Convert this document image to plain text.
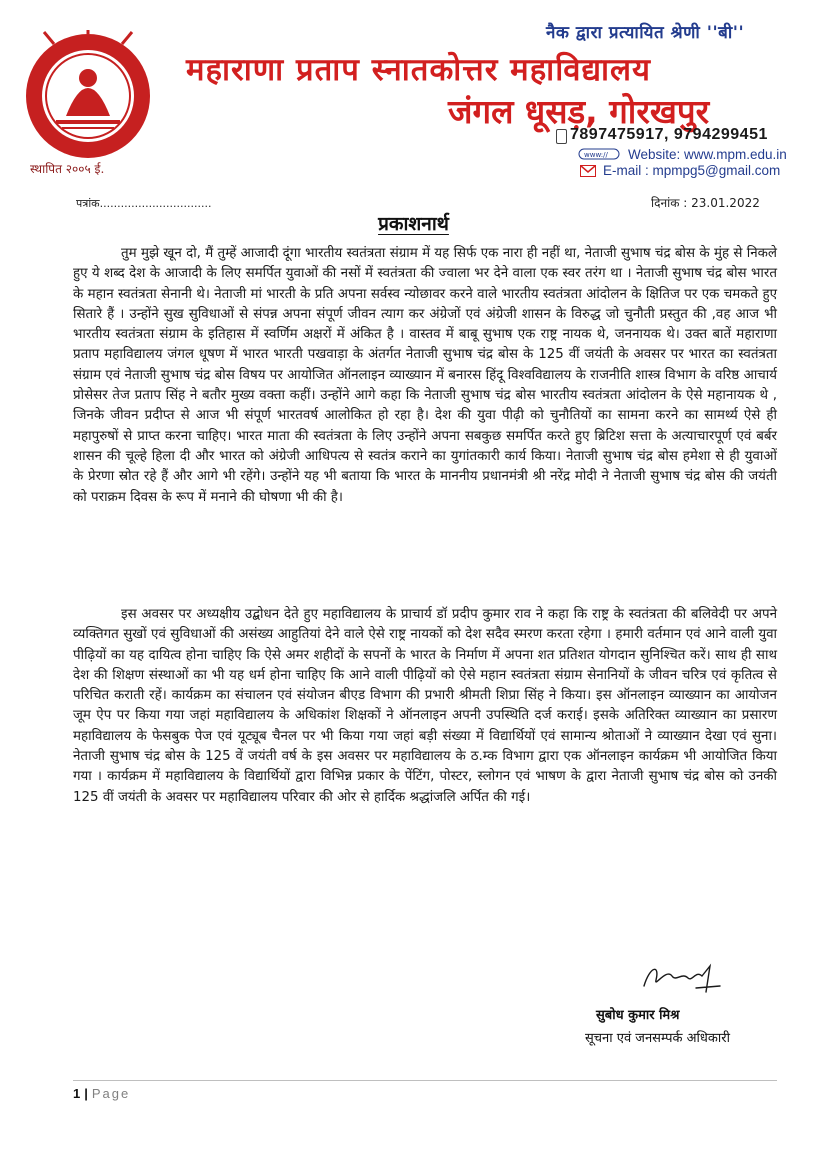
स्थापित २००५ ई.
नैक द्वारा प्रत्यायित श्रेणी ''बी''
महाराणा प्रताप स्नातकोत्तर महाविद्यालय
जंगल धूसड़, गोरखपुर
7897475917, 9794299451
www:// Website: www.mpm.edu.in
E-mail : mpmpg5@gmail.com
पत्रांक................................	दिनांक : 23.01.2022
प्रकाशनार्थ
तुम मुझे खून दो, मैं तुम्हें आजादी दूंगा भारतीय स्वतंत्रता संग्राम में यह सिर्फ एक नारा ही नहीं था, नेताजी सुभाष चंद्र बोस के मुंह से निकले हुए ये शब्द देश के आजादी के लिए समर्पित युवाओं की नसों में स्वतंत्रता की ज्वाला भर देने वाला एक स्वर तरंग था । नेताजी सुभाष चंद्र बोस भारत के महान स्वतंत्रता सेनानी थे। नेताजी मां भारती के प्रति अपना सर्वस्व न्योछावर करने वाले भारतीय स्वतंत्रता आंदोलन के क्षितिज पर एक चमकते हुए सितारे हैं । उन्होंने सुख सुविधाओं से संपन्न अपना संपूर्ण जीवन त्याग कर अंग्रेजों एवं अंग्रेजी शासन के विरुद्ध जो चुनौती प्रस्तुत की ,वह आज भी भारतीय स्वतंत्रता संग्राम के इतिहास में स्वर्णिम अक्षरों में अंकित है । वास्तव में बाबू सुभाष एक राष्ट्र नायक थे, जननायक थे। उक्त बातें महाराणा प्रताप महाविद्यालय जंगल धूषण में भारत भारती पखवाड़ा के अंतर्गत नेताजी सुभाष चंद्र बोस के 125 वीं जयंती के अवसर पर भारत का स्वतंत्रता संग्राम एवं नेताजी सुभाष चंद्र बोस विषय पर आयोजित ऑनलाइन व्याख्यान में बनारस हिंदू विश्वविद्यालय के राजनीति शास्त्र विभाग के वरिष्ठ आचार्य प्रोसेसर तेज प्रताप सिंह ने बतौर मुख्य वक्ता कहीं। उन्होंने आगे कहा कि नेताजी सुभाष चंद्र बोस भारतीय स्वतंत्रता आंदोलन के ऐसे महानायक थे , जिनके जीवन प्रदीप्त से आज भी संपूर्ण भारतवर्ष आलोकित हो रहा है। देश की युवा पीढ़ी को चुनौतियों का सामना करने का सामर्थ्य ऐसे ही महापुरुषों से प्राप्त करना चाहिए। भारत माता की स्वतंत्रता के लिए उन्होंने अपना सबकुछ समर्पित करते हुए ब्रिटिश सत्ता के अत्याचारपूर्ण एवं बर्बर शासन की चूल्हे हिला दी और भारत को अंग्रेजी आधिपत्य से स्वतंत्र कराने का युगांतकारी कार्य किया। नेताजी सुभाष चंद्र बोस हमेशा से ही युवाओं के प्रेरणा स्रोत रहे हैं और आगे भी रहेंगे। उन्होंने यह भी बताया कि भारत के माननीय प्रधानमंत्री श्री नरेंद्र मोदी ने नेताजी सुभाष चंद्र बोस की जयंती को पराक्रम दिवस के रूप में मनाने की घोषणा भी की है।
इस अवसर पर अध्यक्षीय उद्बोधन देते हुए महाविद्यालय के प्राचार्य डॉ प्रदीप कुमार राव ने कहा कि राष्ट्र के स्वतंत्रता की बलिवेदी पर अपने व्यक्तिगत सुखों एवं सुविधाओं की असंख्य आहुतियां देने वाले ऐसे राष्ट्र नायकों को देश सदैव स्मरण करता रहेगा । हमारी वर्तमान एवं आने वाली युवा पीढ़ियों का यह दायित्व होना चाहिए कि ऐसे अमर शहीदों के सपनों के भारत के निर्माण में अपना शत प्रतिशत योगदान सुनिश्चित करें। साथ ही साथ देश की शिक्षण संस्थाओं का भी यह धर्म होना चाहिए कि आने वाली पीढ़ियों को ऐसे महान स्वतंत्रता संग्राम सेनानियों के जीवन चरित्र एवं कृतित्व से परिचित कराती रहें। कार्यक्रम का संचालन एवं संयोजन बीएड विभाग की प्रभारी श्रीमती शिप्रा सिंह ने किया। इस ऑनलाइन व्याख्यान का आयोजन जूम ऐप पर किया गया जहां महाविद्यालय के अधिकांश शिक्षकों ने ऑनलाइन अपनी उपस्थिति दर्ज कराई। इसके अतिरिक्त व्याख्यान का प्रसारण महाविद्यालय के फेसबुक पेज एवं यूट्यूब चैनल पर भी किया गया जहां बड़ी संख्या में विद्यार्थियों एवं सामान्य श्रोताओं ने व्याख्यान देखा एवं सुना। नेताजी सुभाष चंद्र बोस के 125 वें जयंती वर्ष के इस अवसर पर महाविद्यालय के ठ.म्क विभाग द्वारा एक ऑनलाइन कार्यक्रम भी आयोजित किया गया । कार्यक्रम में महाविद्यालय के विद्यार्थियों द्वारा विभिन्न प्रकार के पेंटिंग, पोस्टर, स्लोगन एवं भाषण के द्वारा नेताजी सुभाष चंद्र बोस को उनकी 125 वीं जयंती के अवसर पर महाविद्यालय परिवार की ओर से हार्दिक श्रद्धांजलि अर्पित की गई।
सुबोध कुमार मिश्र
सूचना एवं जनसम्पर्क अधिकारी
1 | Page
